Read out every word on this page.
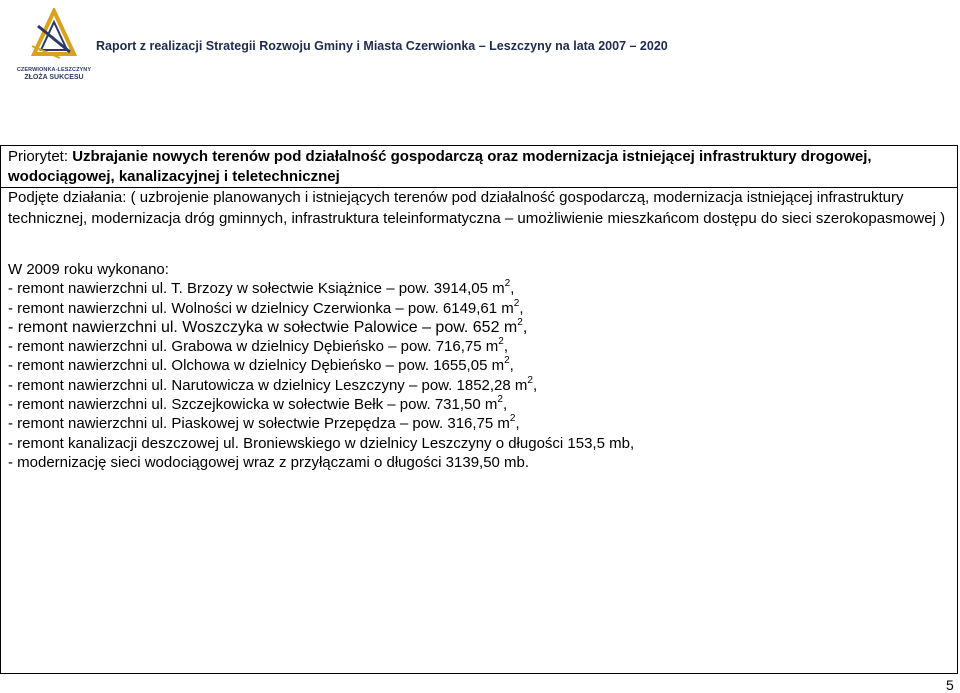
CZERWIONKA-LESZCZYNY
ZŁOŻA SUKCESU
Raport z realizacji Strategii Rozwoju Gminy i Miasta Czerwionka – Leszczyny na lata 2007 – 2020
Priorytet: Uzbrajanie nowych terenów pod działalność gospodarczą oraz modernizacja istniejącej infrastruktury drogowej, wodociągowej, kanalizacyjnej i teletechnicznej
Podjęte działania: ( uzbrojenie planowanych i istniejących terenów pod działalność gospodarczą, modernizacja istniejącej infrastruktury technicznej, modernizacja dróg gminnych, infrastruktura teleinformatyczna – umożliwienie mieszkańcom dostępu do sieci szerokopasmowej )
W 2009 roku wykonano:
- remont nawierzchni ul. T. Brzozy w sołectwie Książnice – pow. 3914,05 $m^2$,
- remont nawierzchni ul. Wolności w dzielnicy Czerwionka – pow. 6149,61 $m^2$,
- remont nawierzchni ul. Woszczyka w sołectwie Palowice – pow. 652 $m^2$,
- remont nawierzchni ul. Grabowa w dzielnicy Dębieńsko – pow. 716,75 $m^2$,
- remont nawierzchni ul. Olchowa w dzielnicy Dębieńsko – pow. 1655,05 $m^2$,
- remont nawierzchni ul. Narutowicza w dzielnicy Leszczyny – pow. 1852,28 $m^2$,
- remont nawierzchni ul. Szczejkowicka w sołectwie Bełk – pow. 731,50 $m^2$,
- remont nawierzchni ul. Piaskowej w sołectwie Przepędza – pow. 316,75 $m^2$,
- remont kanalizacji deszczowej ul. Broniewskiego w dzielnicy Leszczyny o długości 153,5 mb,
- modernizację sieci wodociągowej wraz z przyłączami o długości 3139,50 mb.
5
